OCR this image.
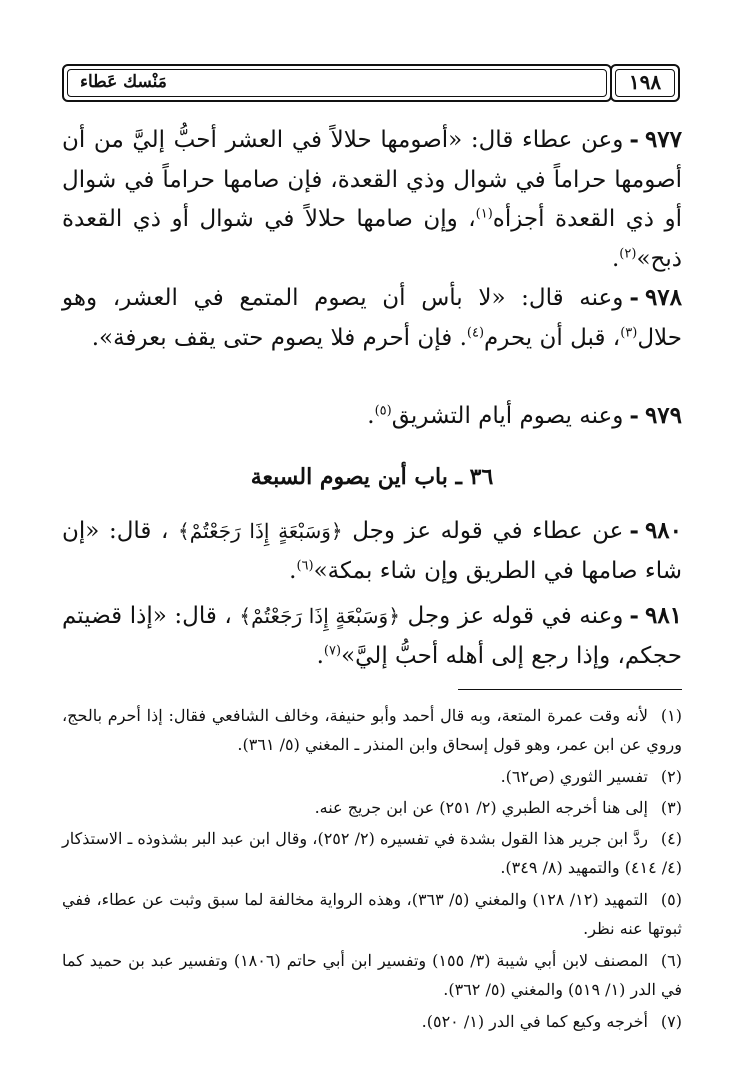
مَنْسك عَطاء	١٩٨
٩٧٧-وعن عطاء قال: «أصومها حلالاً في العشر أحبُّ إليَّ من أن أصومها حراماً في شوال وذي القعدة، فإن صامها حراماً في شوال أو ذي القعدة أجزأه$^{(١)}$، وإن صامها حلالاً في شوال أو ذي القعدة ذبح»$^{(٢)}$.
٩٧٨-وعنه قال: «لا بأس أن يصوم المتمع في العشر، وهو حلال$^{(٣)}$، قبل أن يحرم$^{(٤)}$. فإن أحرم فلا يصوم حتى يقف بعرفة».
٩٧٩-وعنه يصوم أيام التشريق$^{(٥)}$.
٣٦ ـ باب أين يصوم السبعة
٩٨٠-عن عطاء في قوله عز وجل ﴿وَسَبْعَةٍ إِذَا رَجَعْتُمْ﴾ ، قال: «إن شاء صامها في الطريق وإن شاء بمكة»$^{(٦)}$.
٩٨١-وعنه في قوله عز وجل ﴿وَسَبْعَةٍ إِذَا رَجَعْتُمْ﴾ ، قال: «إذا قضيتم حجكم، وإذا رجع إلى أهله أحبُّ إليَّ»$^{(٧)}$.
(١)لأنه وقت عمرة المتعة، وبه قال أحمد وأبو حنيفة، وخالف الشافعي فقال: إذا أحرم بالحج، وروي عن ابن عمر، وهو قول إسحاق وابن المنذر ـ المغني (٥/ ٣٦١).
(٢)تفسير الثوري (ص٦٢).
(٣)إلى هنا أخرجه الطبري (٢/ ٢٥١) عن ابن جريج عنه.
(٤)ردَّ ابن جرير هذا القول بشدة في تفسيره (٢/ ٢٥٢)، وقال ابن عبد البر بشذوذه ـ الاستذكار (٤/ ٤١٤) والتمهيد (٨/ ٣٤٩).
(٥)التمهيد (١٢/ ١٢٨) والمغني (٥/ ٣٦٣)، وهذه الرواية مخالفة لما سبق وثبت عن عطاء، ففي ثبوتها عنه نظر.
(٦)المصنف لابن أبي شيبة (٣/ ١٥٥) وتفسير ابن أبي حاتم (١٨٠٦) وتفسير عبد بن حميد كما في الدر (١/ ٥١٩) والمغني (٥/ ٣٦٢).
(٧)أخرجه وكيع كما في الدر (١/ ٥٢٠).
